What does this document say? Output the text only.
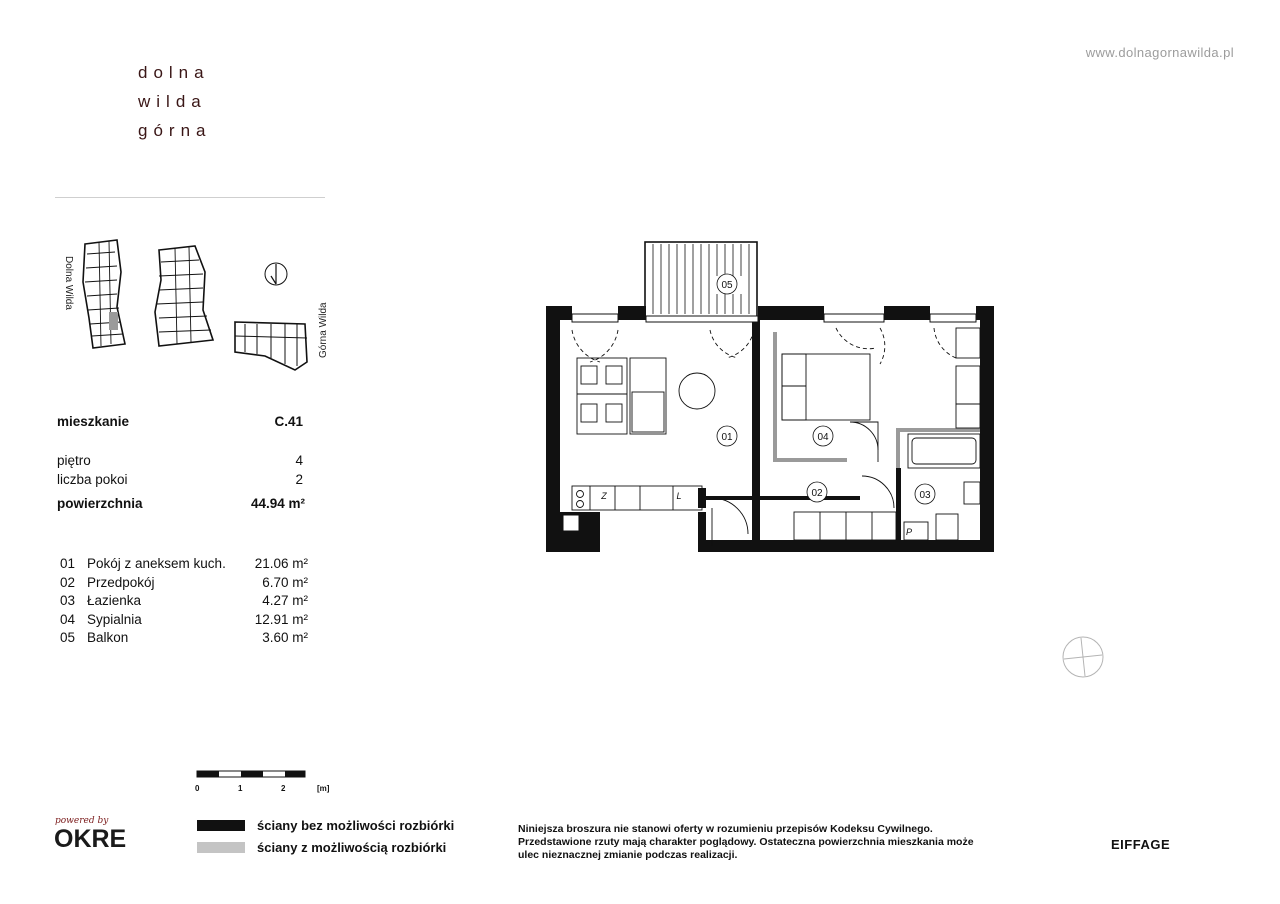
dolna
wilda
górna
www.dolnagornawilda.pl
Dolna Wilda
Górna Wilda
mieszkanie	C.41
piętro	4
liczba pokoi	2
powierzchnia	44.94 m²
01 Pokój z aneksem kuch. 21.06 m²
02 Przedpokój	6.70 m²
03 Łazienka	4.27 m²
04 Sypialnia	12.91 m²
05 Balkon	3.60 m²
05
01	04
02	03
Z	L
P
0	1	2	[m]
ściany bez możliwości rozbiórki
ściany z możliwością rozbiórki
Niniejsza broszura nie stanowi oferty w rozumieniu przepisów Kodeksu Cywilnego.
Przedstawione rzuty mają charakter poglądowy. Ostateczna powierzchnia mieszkania może
ulec nieznacznej zmianie podczas realizacji.
powered by
OKRE	EIFFAGE
